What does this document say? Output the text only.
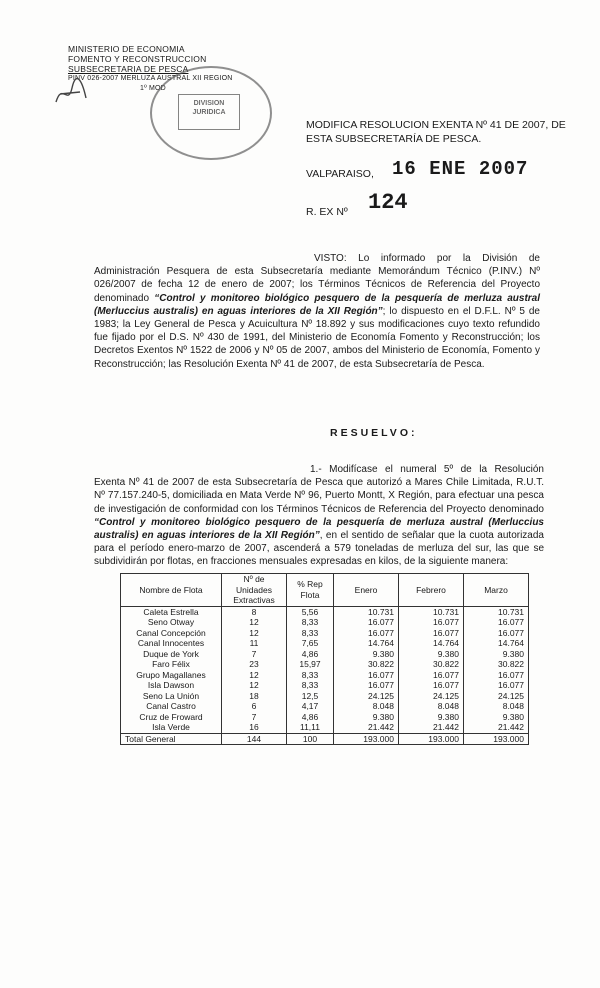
MINISTERIO DE ECONOMIA
FOMENTO Y RECONSTRUCCION
SUBSECRETARIA DE PESCA
PINV 026-2007 MERLUZA AUSTRAL XII REGION
1º MOD
DIVISION
JURIDICA
MODIFICA RESOLUCION EXENTA Nº 41 DE 2007, DE ESTA SUBSECRETARÍA DE PESCA.
VALPARAISO, 16 ENE 2007
R. EX Nº 124
VISTO: Lo informado por la División de Administración Pesquera de esta Subsecretaría mediante Memorándum Técnico (P.INV.) Nº 026/2007 de fecha 12 de enero de 2007; los Términos Técnicos de Referencia del Proyecto denominado “Control y monitoreo biológico pesquero de la pesquería de merluza austral (Merluccius australis) en aguas interiores de la XII Región”; lo dispuesto en el D.F.L. Nº 5 de 1983; la Ley General de Pesca y Acuicultura Nº 18.892 y sus modificaciones cuyo texto refundido fue fijado por el D.S. Nº 430 de 1991, del Ministerio de Economía Fomento y Reconstrucción; los Decretos Exentos Nº 1522 de 2006 y Nº 05 de 2007, ambos del Ministerio de Economía, Fomento y Reconstrucción; las Resolución Exenta Nº 41 de 2007, de esta Subsecretaría de Pesca.
RESUELVO:
1.- Modifícase el numeral 5º de la Resolución Exenta Nº 41 de 2007 de esta Subsecretaría de Pesca que autorizó a Mares Chile Limitada, R.U.T. Nº 77.157.240-5, domiciliada en Mata Verde Nº 96, Puerto Montt, X Región, para efectuar una pesca de investigación de conformidad con los Términos Técnicos de Referencia del Proyecto denominado “Control y monitoreo biológico pesquero de la pesquería de merluza austral (Merluccius australis) en aguas interiores de la XII Región”, en el sentido de señalar que la cuota autorizada para el período enero-marzo de 2007, ascenderá a 579 toneladas de merluza del sur, las que se subdividirán por flotas, en fracciones mensuales expresadas en kilos, de la siguiente manera:
Nombre de Flota	Nº de Unidades Extractivas	% Rep Flota	Enero	Febrero	Marzo
Caleta Estrella	8	5,56	10.731	10.731	10.731
Seno Otway	12	8,33	16.077	16.077	16.077
Canal Concepción	12	8,33	16.077	16.077	16.077
Canal Innocentes	11	7,65	14.764	14.764	14.764
Duque de York	7	4,86	9.380	9.380	9.380
Faro Félix	23	15,97	30.822	30.822	30.822
Grupo Magallanes	12	8,33	16.077	16.077	16.077
Isla Dawson	12	8,33	16.077	16.077	16.077
Seno La Unión	18	12,5	24.125	24.125	24.125
Canal Castro	6	4,17	8.048	8.048	8.048
Cruz de Froward	7	4,86	9.380	9.380	9.380
Isla Verde	16	11,11	21.442	21.442	21.442
Total General	144	100	193.000	193.000	193.000
